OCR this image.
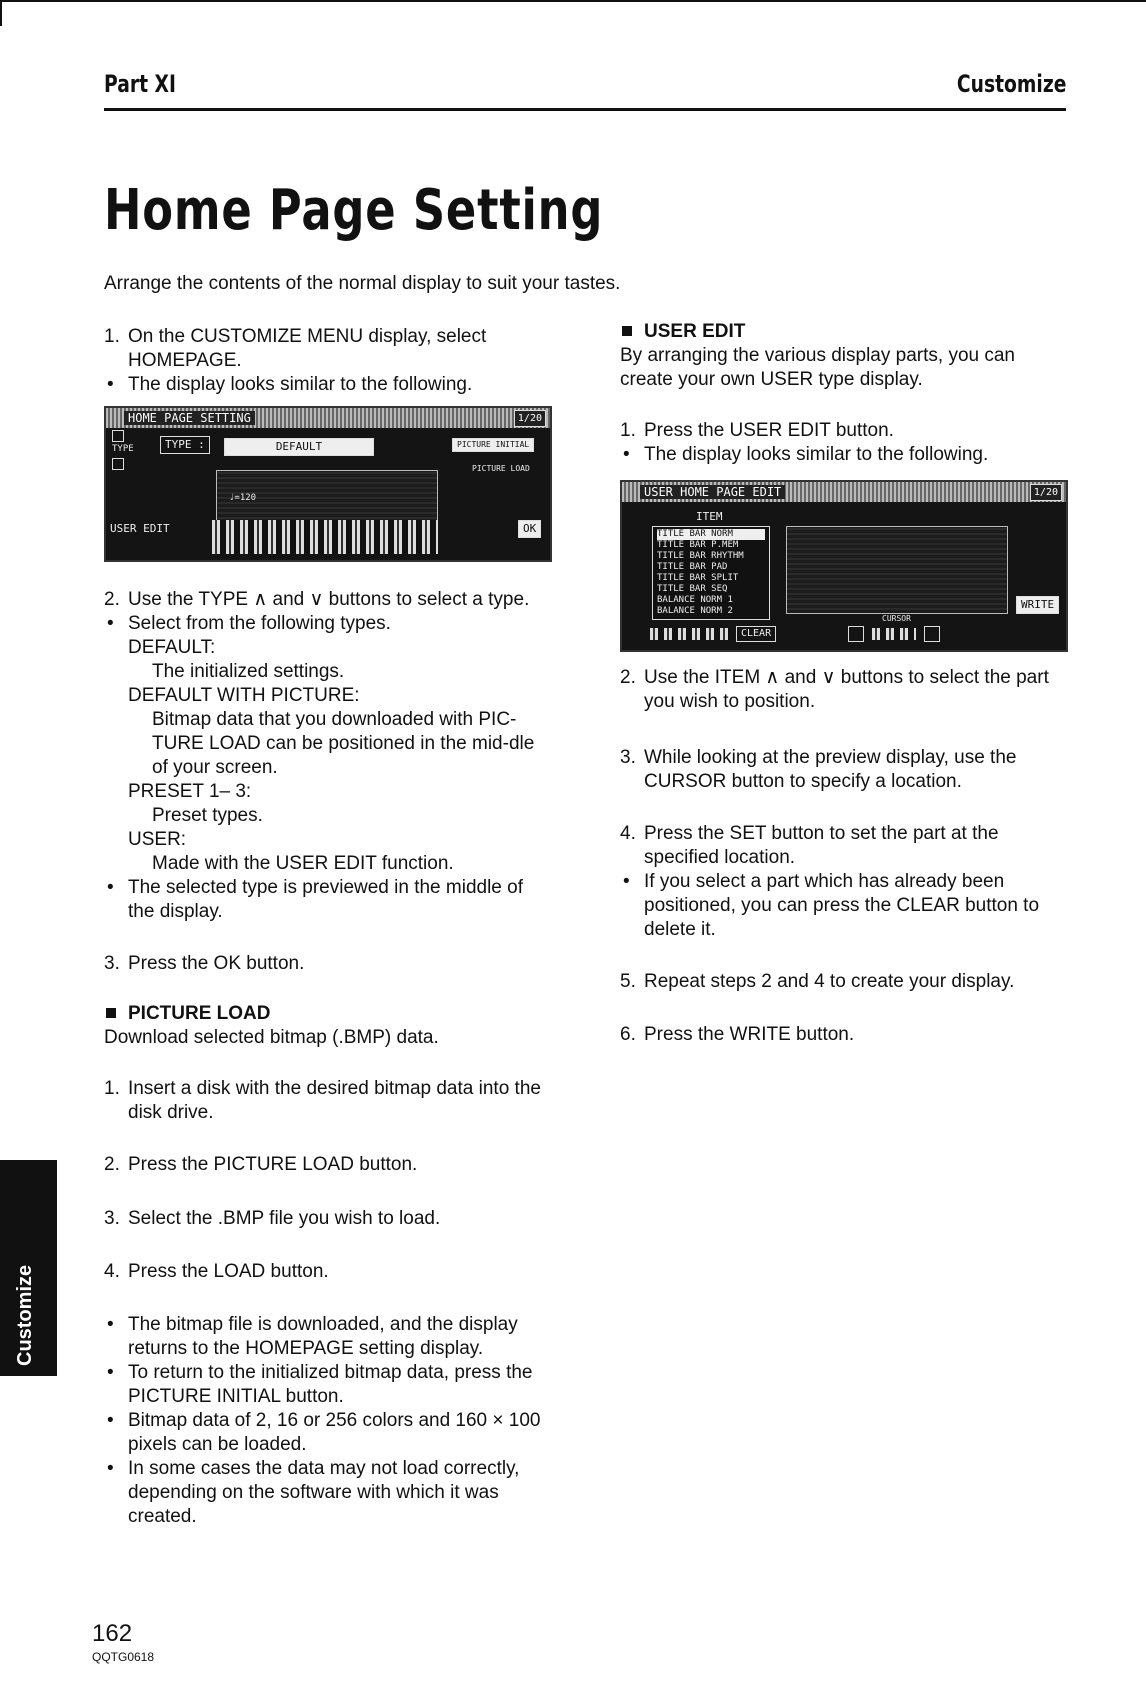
Part XI	Customize
Home Page Setting
Arrange the contents of the normal display to suit your tastes.
1. On the CUSTOMIZE MENU display, select HOMEPAGE.
• The display looks similar to the following.
HOME PAGE SETTING	1/20
TYPE	TYPE :	DEFAULT	PICTURE INITIAL
PICTURE LOAD
♩=120
USER EDIT	OK
2. Use the TYPE ∧ and ∨ buttons to select a type.
• Select from the following types.
DEFAULT:
The initialized settings.
DEFAULT WITH PICTURE:
Bitmap data that you downloaded with PIC-TURE LOAD can be positioned in the mid-dle of your screen.
PRESET 1– 3:
Preset types.
USER:
Made with the USER EDIT function.
• The selected type is previewed in the middle of the display.
3. Press the OK button.
PICTURE LOAD
Download selected bitmap (.BMP) data.
1. Insert a disk with the desired bitmap data into the disk drive.
2. Press the PICTURE LOAD button.
3. Select the .BMP file you wish to load.
4. Press the LOAD button.
• The bitmap file is downloaded, and the display returns to the HOMEPAGE setting display.
• To return to the initialized bitmap data, press the PICTURE INITIAL button.
• Bitmap data of 2, 16 or 256 colors and 160 × 100 pixels can be loaded.
• In some cases the data may not load correctly, depending on the software with which it was created.
USER EDIT
By arranging the various display parts, you can create your own USER type display.
1. Press the USER EDIT button.
• The display looks similar to the following.
USER HOME PAGE EDIT	1/20
ITEM
TITLE BAR NORM
TITLE BAR P.MEM
TITLE BAR RHYTHM
TITLE BAR PAD
TITLE BAR SPLIT
TITLE BAR SEQ
BALANCE NORM 1
BALANCE NORM 2	WRITE
CURSOR
CLEAR
2. Use the ITEM ∧ and ∨ buttons to select the part you wish to position.
3. While looking at the preview display, use the CURSOR button to specify a location.
4. Press the SET button to set the part at the specified location.
• If you select a part which has already been positioned, you can press the CLEAR button to delete it.
5. Repeat steps 2 and 4 to create your display.
6. Press the WRITE button.
Customize
162
QQTG0618
